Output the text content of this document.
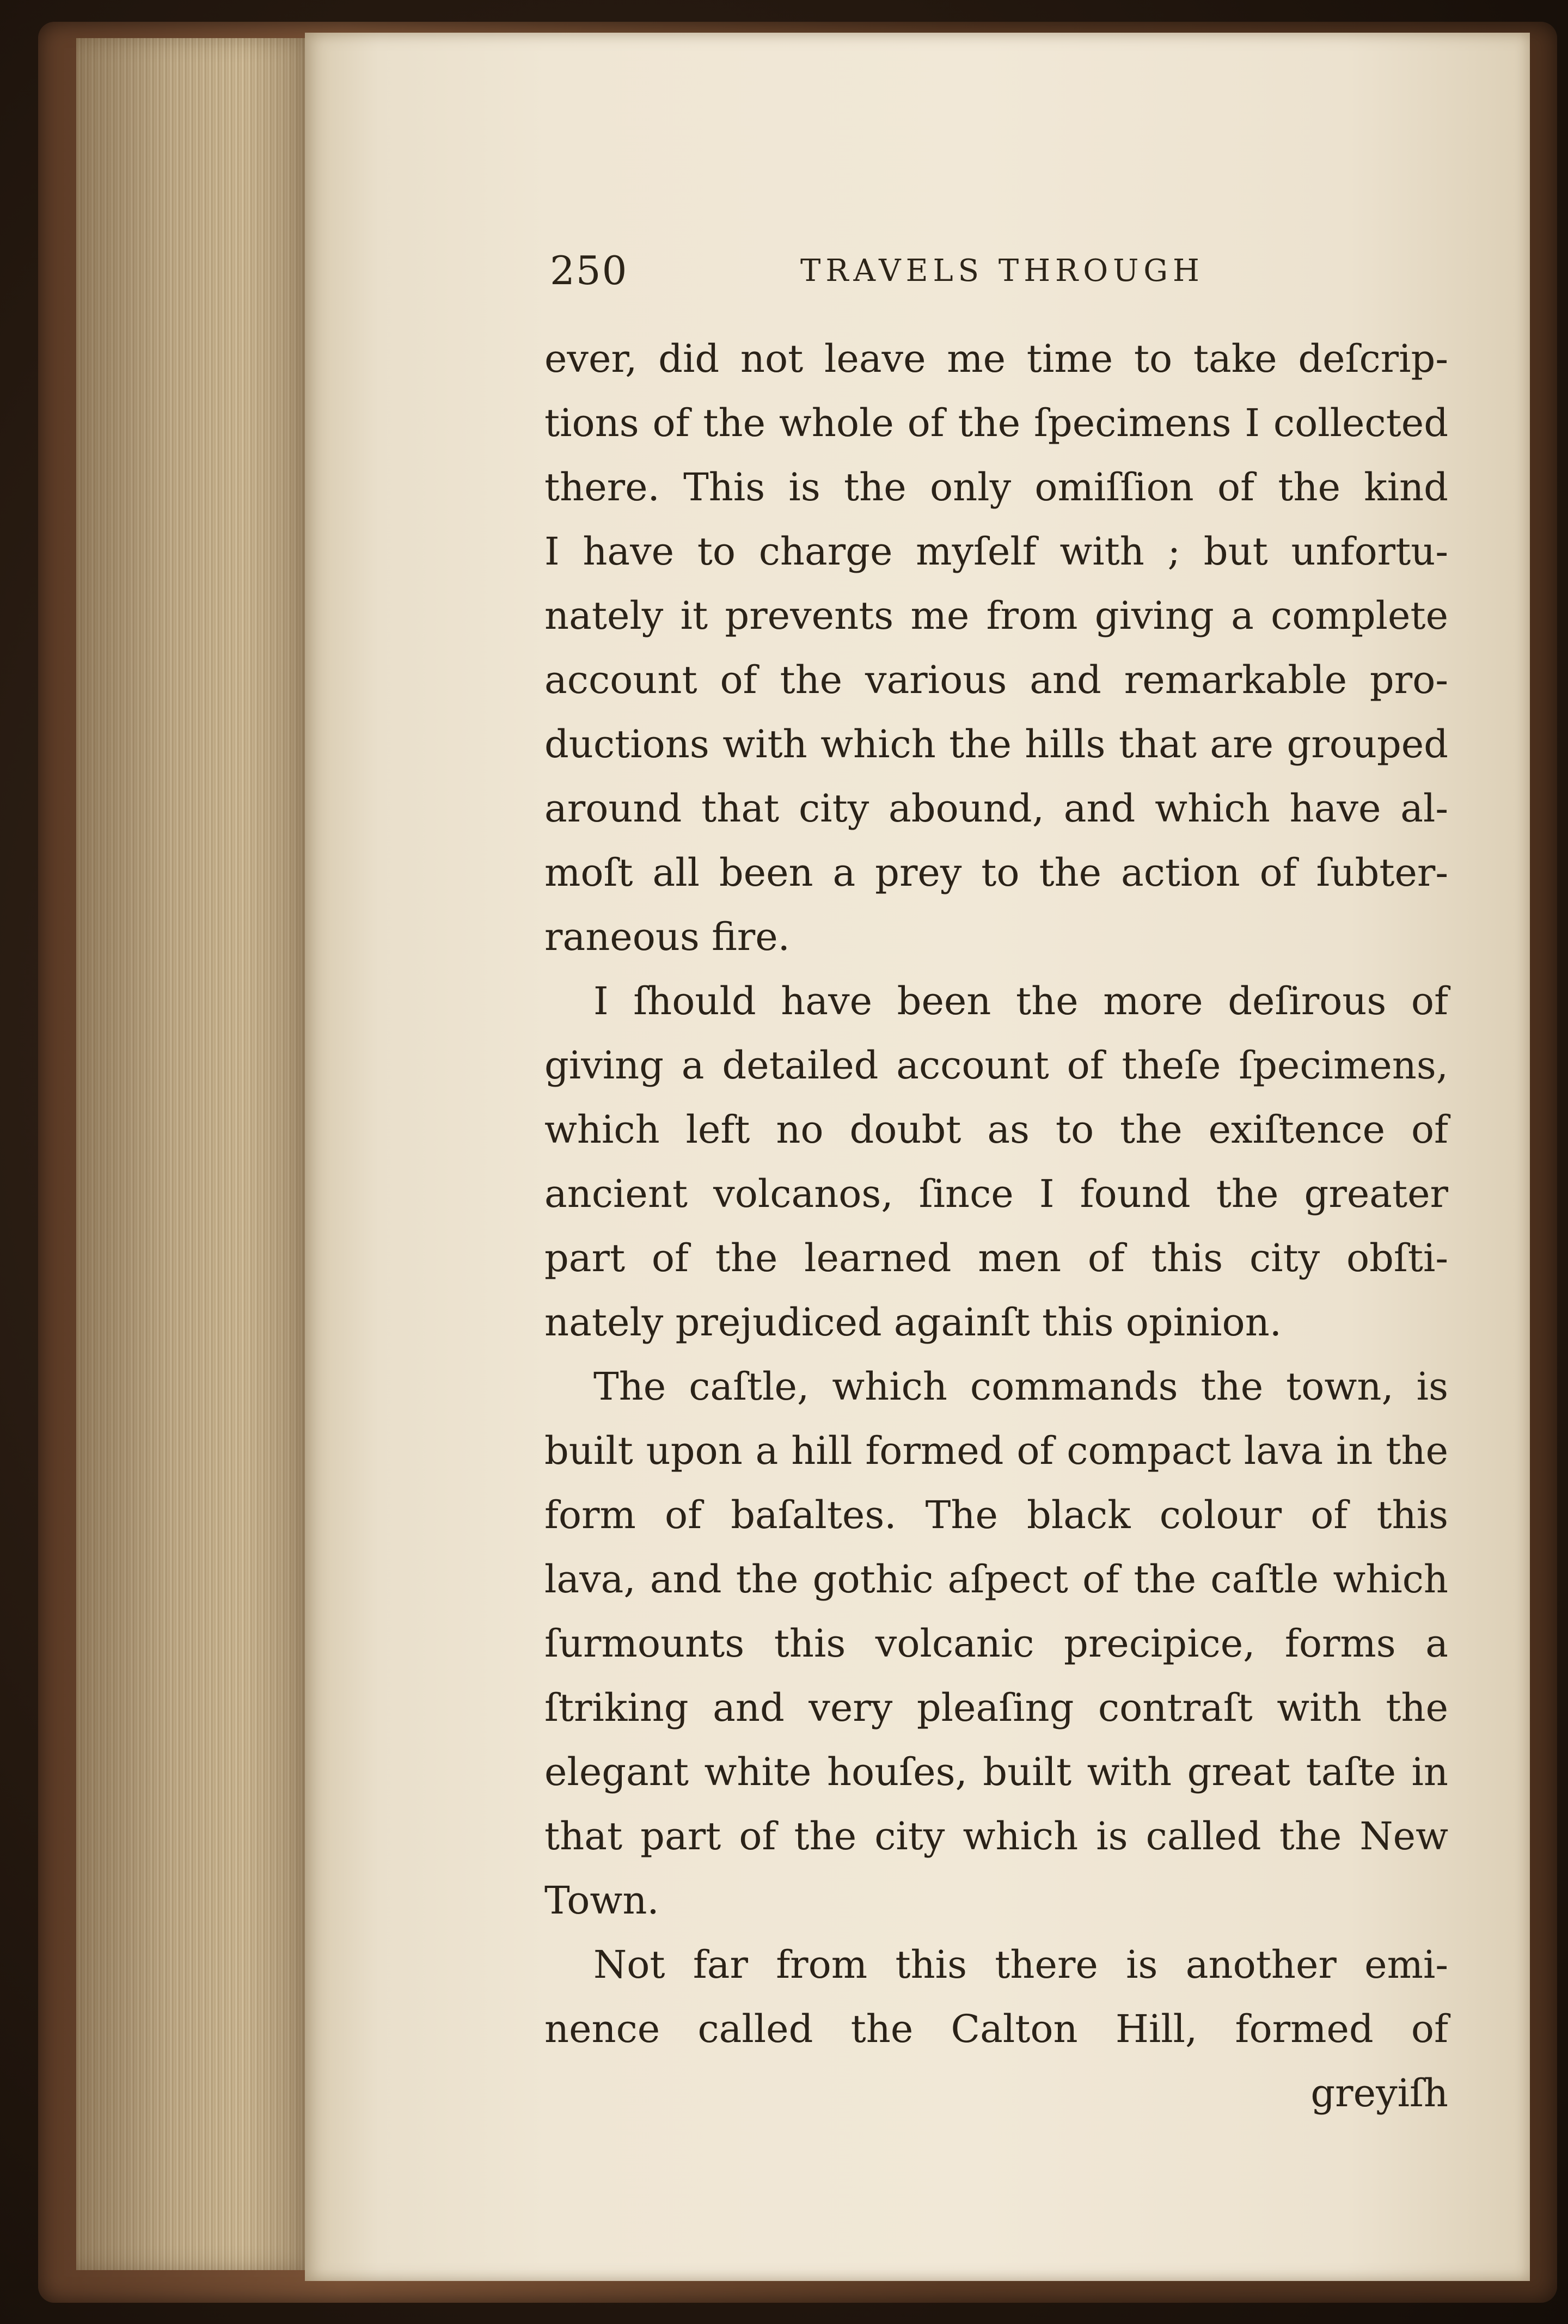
250	TRAVELS THROUGH
ever, did not leave me time to take deſcrip-
tions of the whole of the ſpecimens I collected
there. This is the only omiſſion of the kind
I have to charge myſelf with ; but unfortu-
nately it prevents me from giving a complete
account of the various and remarkable pro-
ductions with which the hills that are grouped
around that city abound, and which have al-
moſt all been a prey to the action of ſubter-
raneous fire.
I ſhould have been the more deſirous of
giving a detailed account of theſe ſpecimens,
which left no doubt as to the exiſtence of
ancient volcanos, ſince I found the greater
part of the learned men of this city obſti-
nately prejudiced againſt this opinion.
The caſtle, which commands the town, is
built upon a hill formed of compact lava in the
form of baſaltes. The black colour of this
lava, and the gothic aſpect of the caſtle which
ſurmounts this volcanic precipice, forms a
ſtriking and very pleaſing contraſt with the
elegant white houſes, built with great taſte in
that part of the city which is called the New
Town.
Not far from this there is another emi-
nence called the Calton Hill, formed of
greyiſh
